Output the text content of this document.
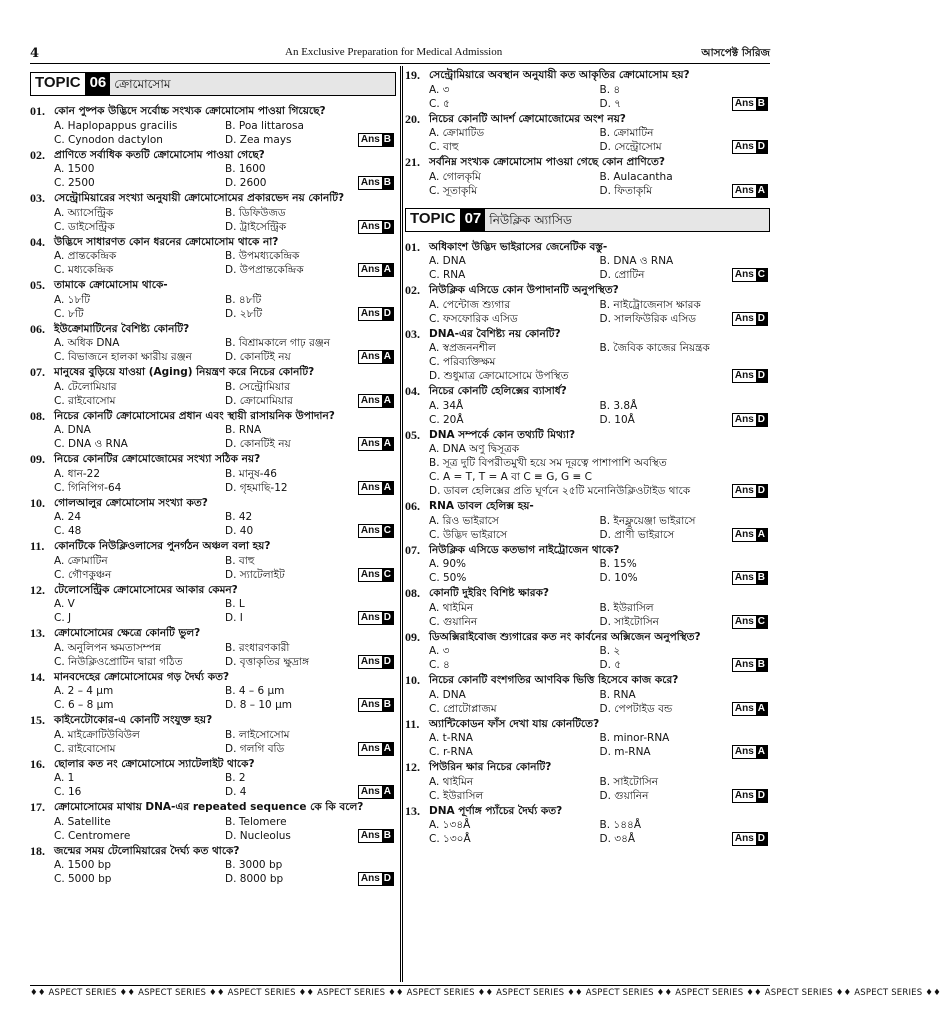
4	An Exclusive Preparation for Medical Admission	আসপেক্ট সিরিজ
TOPIC 06 ক্রোমোসোম
01. কোন পুষ্পক উদ্ভিদে সর্বোচ্চ সংখ্যক ক্রোমোসোম পাওয়া গিয়েছে?
A. Haplopappus gracilis	B. Poa littarosa
C. Cynodon dactylon	D. Zea mays	Ans B
02. প্রাণিতে সর্বাধিক কতটি ক্রোমোসোম পাওয়া গেছে?
A. 1500	B. 1600
C. 2500	D. 2600	Ans B
03. সেন্ট্রোমিয়ারের সংখ্যা অনুযায়ী ক্রোমোসোমের প্রকারভেদ নয় কোনটি?
A. অ্যাসেন্ট্রিক	B. ডিফিউজড
C. ডাইসেন্ট্রিক	D. ট্রাইসেন্ট্রিক	Ans D
04. উদ্ভিদে সাধারণত কোন ধরনের ক্রোমোসোম থাকে না?
A. প্রান্তকেন্দ্রিক	B. উপমধ্যকেন্দ্রিক
C. মধ্যকেন্দ্রিক	D. উপপ্রান্তকেন্দ্রিক	Ans A
05. তামাকে ক্রোমোসোম থাকে-
A. ১৮টি	B. ৪৮টি
C. ৮টি	D. ২৮টি	Ans D
06. ইউক্রোমাটিনের বৈশিষ্ট্য কোনটি?
A. অধিক DNA	B. বিশ্রামকালে গাঢ় রঞ্জন
C. বিভাজনে হালকা ক্ষারীয় রঞ্জন	D. কোনটিই নয়	Ans A
07. মানুষের বুড়িয়ে যাওয়া (Aging) নিয়ন্ত্রণ করে নিচের কোনটি?
A. টেলোমিয়ার	B. সেন্ট্রোমিয়ার
C. রাইবোসোম	D. ক্রোমোমিয়ার	Ans A
08. নিচের কোনটি ক্রোমোসোমের প্রধান এবং স্থায়ী রাসায়নিক উপাদান?
A. DNA	B. RNA
C. DNA ও RNA	D. কোনটিই নয়	Ans A
09. নিচের কোনটির ক্রোমোজোমের সংখ্যা সঠিক নয়?
A. ধান-22	B. মানুষ-46
C. গিনিপিগ-64	D. গৃহমাছি-12	Ans A
10. গোলআলুর ক্রোমোসোম সংখ্যা কত?
A. 24	B. 42
C. 48	D. 40	Ans C
11. কোনটিকে নিউক্লিওলাসের পুনর্গঠন অঞ্চল বলা হয়?
A. ক্রোমাটিন	B. বাহু
C. গৌণকুঞ্চন	D. স্যাটেলাইট	Ans C
12. টেলোসেন্ট্রিক ক্রোমোসোমের আকার কেমন?
A. V	B. L
C. J	D. I	Ans D
13. ক্রোমোসোমের ক্ষেত্রে কোনটি ভুল?
A. অনুলিপন ক্ষমতাসম্পন্ন	B. রংধারণকারী
C. নিউক্লিওপ্রোটিন দ্বারা গঠিত	D. বৃত্তাকৃতির ক্ষুদ্রাঙ্গ	Ans D
14. মানবদেহের ক্রোমোসোমের গড় দৈর্ঘ্য কত?
A. 2 – 4 μm	B. 4 – 6 μm
C. 6 – 8 μm	D. 8 – 10 μm	Ans B
15. কাইনেটোকোর-এ কোনটি সংযুক্ত হয়?
A. মাইক্রোটিউবিউল	B. লাইসোসোম
C. রাইবোসোম	D. গলগি বডি	Ans A
16. ছোলার কত নং ক্রোমোসোমে স্যাটেলাইট থাকে?
A. 1	B. 2
C. 16	D. 4	Ans A
17. ক্রোমোসোমের মাথায় DNA-এর repeated sequence কে কি বলে?
A. Satellite	B. Telomere
C. Centromere	D. Nucleolus	Ans B
18. জন্মের সময় টেলোমিয়ারের দৈর্ঘ্য কত থাকে?
A. 1500 bp	B. 3000 bp
C. 5000 bp	D. 8000 bp	Ans D
19. সেন্ট্রোমিয়ারে অবস্থান অনুযায়ী কত আকৃতির ক্রোমোসোম হয়?
A. ৩	B. ৪
C. ৫	D. ৭	Ans B
20. নিচের কোনটি আদর্শ ক্রোমোজোমের অংশ নয়?
A. ক্রোমাটিড	B. ক্রোমাটিন
C. বাহু	D. সেন্ট্রোসোম	Ans D
21. সর্বনিম্ন সংখ্যক ক্রোমোসোম পাওয়া গেছে কোন প্রাণিতে?
A. গোলকৃমি	B. Aulacantha
C. সূতাকৃমি	D. ফিতাকৃমি	Ans A
TOPIC 07 নিউক্লিক অ্যাসিড
01. অধিকাংশ উদ্ভিদ ভাইরাসের জেনেটিক বস্তু-
A. DNA	B. DNA ও RNA
C. RNA	D. প্রোটিন	Ans C
02. নিউক্লিক এসিডে কোন উপাদানটি অনুপস্থিত?
A. পেন্টোজ শ্যুগার	B. নাইট্রোজেনাস ক্ষারক
C. ফসফোরিক এসিড	D. সালফিউরিক এসিড	Ans D
03. DNA-এর বৈশিষ্ট্য নয় কোনটি?
A. স্বপ্রজননশীল	B. জৈবিক কাজের নিয়ন্ত্রক
C. পরিব্যক্তিক্ষম
D. শুধুমাত্র ক্রোমোসোমে উপস্থিত	Ans D
04. নিচের কোনটি হেলিক্সের ব্যাসার্ধ?
A. 34Å	B. 3.8Å
C. 20Å	D. 10Å	Ans D
05. DNA সম্পর্কে কোন তথ্যটি মিথ্যা?
A. DNA অণু দ্বিসূত্রক
B. সূত্র দুটি বিপরীতমুখী হয়ে সম দূরত্বে পাশাপাশি অবস্থিত
C. A = T, T = A বা C ≡ G, G ≡ C
D. ডাবল হেলিক্সের প্রতি ঘূর্ণনে ২৫টি মনোনিউক্লিওটাইড থাকে	Ans D
06. RNA ডাবল হেলিক্স হয়-
A. রিও ভাইরাসে	B. ইনফ্লুয়েঞ্জা ভাইরাসে
C. উদ্ভিদ ভাইরাসে	D. প্রাণী ভাইরাসে	Ans A
07. নিউক্লিক এসিডে কতভাগ নাইট্রোজেন থাকে?
A. 90%	B. 15%
C. 50%	D. 10%	Ans B
08. কোনটি দুইরিং বিশিষ্ট ক্ষারক?
A. থাইমিন	B. ইউরাসিল
C. গুয়ানিন	D. সাইটোসিন	Ans C
09. ডিঅক্সিরাইবোজ শ্যুগারের কত নং কার্বনের অক্সিজেন অনুপস্থিত?
A. ৩	B. ২
C. ৪	D. ৫	Ans B
10. নিচের কোনটি বংশগতির আণবিক ভিত্তি হিসেবে কাজ করে?
A. DNA	B. RNA
C. প্রোটোপ্লাজম	D. পেপটাইড বন্ড	Ans A
11. অ্যান্টিকোডন ফাঁস দেখা যায় কোনটিতে?
A. t-RNA	B. minor-RNA
C. r-RNA	D. m-RNA	Ans A
12. পিউরিন ক্ষার নিচের কোনটি?
A. থাইমিন	B. সাইটোসিন
C. ইউরাসিল	D. গুয়ানিন	Ans D
13. DNA পূর্ণাঙ্গ প্যাঁচের দৈর্ঘ্য কত?
A. ১৩৪Å	B. ১৪৪Å
C. ১৩০Å	D. ৩৪Å	Ans D
♦♦ ASPECT SERIES ♦♦ ASPECT SERIES ♦♦ ASPECT SERIES ♦♦ ASPECT SERIES ♦♦ ASPECT SERIES ♦♦ ASPECT SERIES ♦♦ ASPECT SERIES ♦♦ ASPECT SERIES ♦♦ ASPECT SERIES ♦♦ ASPECT SERIES ♦♦
